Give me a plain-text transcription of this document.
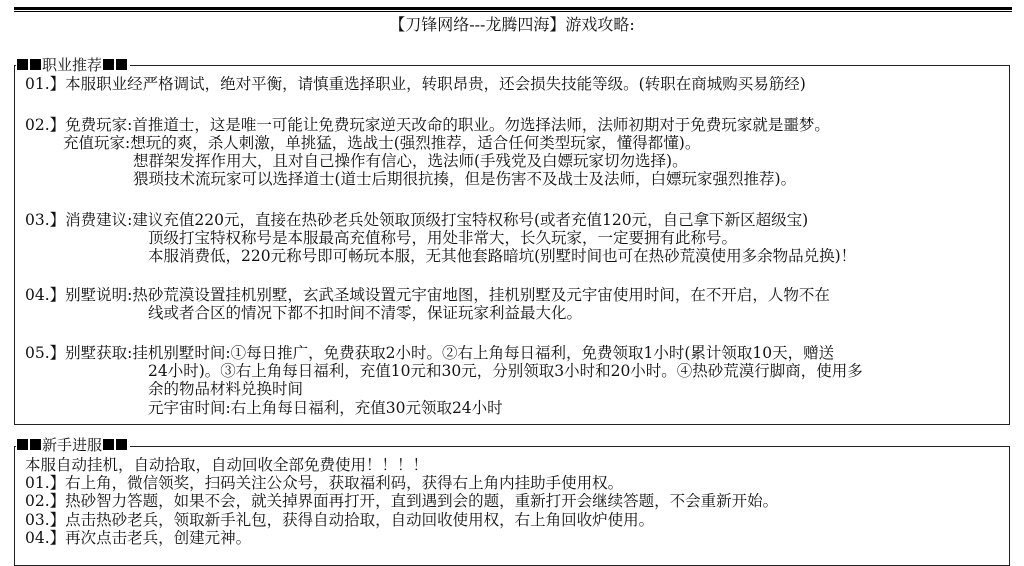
【刀锋网络---龙腾四海】游戏攻略:
职业推荐
01.】本服职业经严格调试，绝对平衡，请慎重选择职业，转职昂贵，还会损失技能等级。(转职在商城购买易筋经)
02.】免费玩家:首推道士，这是唯一可能让免费玩家逆天改命的职业。勿选择法师，法师初期对于免费玩家就是噩梦。
充值玩家:想玩的爽，杀人刺激，单挑猛，选战士(强烈推荐，适合任何类型玩家，懂得都懂)。
想群架发挥作用大，且对自己操作有信心，选法师(手残党及白嫖玩家切勿选择)。
猥琐技术流玩家可以选择道士(道士后期很抗揍，但是伤害不及战士及法师，白嫖玩家强烈推荐)。
03.】消费建议:建议充值220元，直接在热砂老兵处领取顶级打宝特权称号(或者充值120元，自己拿下新区超级宝)
顶级打宝特权称号是本服最高充值称号，用处非常大，长久玩家，一定要拥有此称号。
本服消费低，220元称号即可畅玩本服，无其他套路暗坑(别墅时间也可在热砂荒漠使用多余物品兑换)！
04.】别墅说明:热砂荒漠设置挂机别墅，玄武圣域设置元宇宙地图，挂机别墅及元宇宙使用时间，在不开启，人物不在
线或者合区的情况下都不扣时间不清零，保证玩家利益最大化。
05.】别墅获取:挂机别墅时间:①每日推广，免费获取2小时。②右上角每日福利，免费领取1小时(累计领取10天，赠送
24小时)。③右上角每日福利，充值10元和30元，分别领取3小时和20小时。④热砂荒漠行脚商，使用多
余的物品材料兑换时间
元宇宙时间:右上角每日福利，充值30元领取24小时
新手进服
本服自动挂机，自动拾取，自动回收全部免费使用！！！！
01.】右上角，微信领奖，扫码关注公众号，获取福利码，获得右上角内挂助手使用权。
02.】热砂智力答题，如果不会，就关掉界面再打开，直到遇到会的题，重新打开会继续答题，不会重新开始。
03.】点击热砂老兵，领取新手礼包，获得自动拾取，自动回收使用权，右上角回收炉使用。
04.】再次点击老兵，创建元神。
